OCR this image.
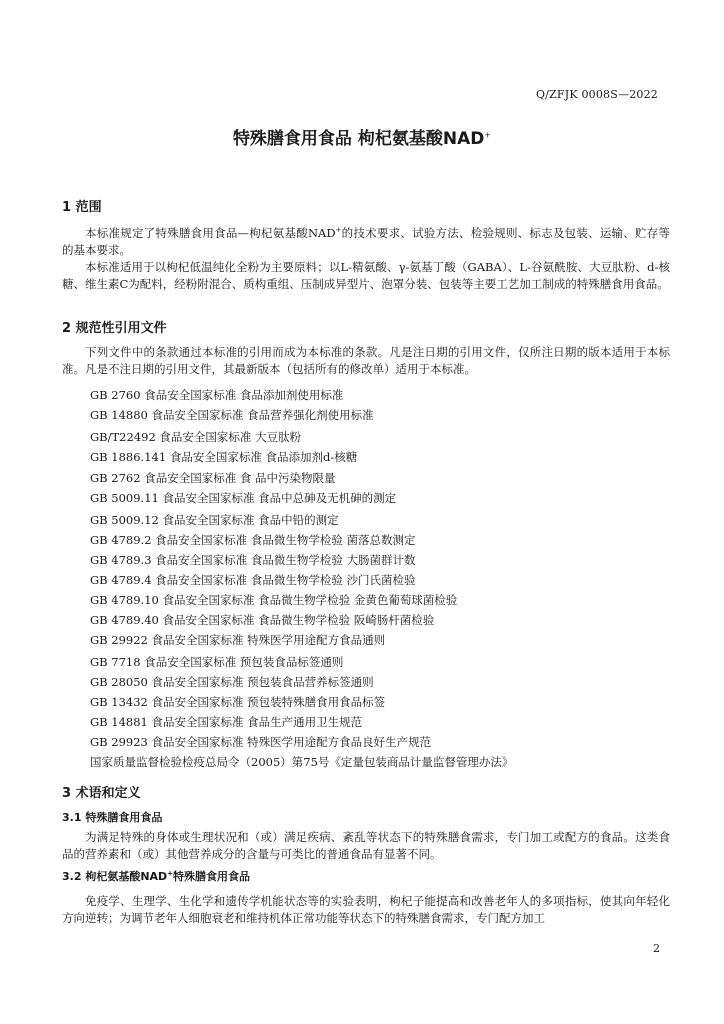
Q/ZFJK 0008S—2022
特殊膳食用食品 枸杞氨基酸NAD+
1 范围

本标准规定了特殊膳食用食品—枸杞氨基酸NAD+的技术要求、试验方法、检验规则、标志及包装、运输、贮存等的基本要求。

本标准适用于以枸杞低温纯化全粉为主要原料；以L-精氨酸、γ-氨基丁酸（GABA）、L-谷氨酰胺、大豆肽粉、d-核糖、维生素C为配料，经粉附混合、质构重组、压制成异型片、泡罩分装、包装等主要工艺加工制成的特殊膳食用食品。

2 规范性引用文件

下列文件中的条款通过本标准的引用而成为本标准的条款。凡是注日期的引用文件，仅所注日期的版本适用于本标准。凡是不注日期的引用文件，其最新版本（包括所有的修改单）适用于本标准。

GB 2760 食品安全国家标准 食品添加剂使用标准
GB 14880 食品安全国家标准 食品营养强化剂使用标准
GB/T22492 食品安全国家标准 大豆肽粉
GB 1886.141 食品安全国家标准 食品添加剂d-核糖
GB 2762 食品安全国家标准 食 品中污染物限量
GB 5009.11 食品安全国家标准 食品中总砷及无机砷的测定
GB 5009.12 食品安全国家标准 食品中铅的测定
GB 4789.2 食品安全国家标准 食品微生物学检验 菌落总数测定
GB 4789.3 食品安全国家标准 食品微生物学检验 大肠菌群计数
GB 4789.4 食品安全国家标准 食品微生物学检验 沙门氏菌检验
GB 4789.10 食品安全国家标准 食品微生物学检验 金黄色葡萄球菌检验
GB 4789.40 食品安全国家标准 食品微生物学检验 阪崎肠杆菌检验
GB 29922 食品安全国家标准 特殊医学用途配方食品通则
GB 7718 食品安全国家标准 预包装食品标签通则
GB 28050 食品安全国家标准 预包装食品营养标签通则
GB 13432 食品安全国家标准 预包装特殊膳食用食品标签
GB 14881 食品安全国家标准 食品生产通用卫生规范
GB 29923 食品安全国家标准 特殊医学用途配方食品良好生产规范
国家质量监督检验检疫总局令（2005）第75号《定量包装商品计量监督管理办法》
3 术语和定义
3.1 特殊膳食用食品

为满足特殊的身体或生理状况和（或）满足疾病、紊乱等状态下的特殊膳食需求，专门加工或配方的食品。这类食品的营养素和（或）其他营养成分的含量与可类比的普通食品有显著不同。

3.2 枸杞氨基酸NAD+特殊膳食用食品

免疫学、生理学、生化学和遗传学机能状态等的实验表明，枸杞子能提高和改善老年人的多项指标，使其向年轻化方向逆转；为调节老年人细胞衰老和维持机体正常功能等状态下的特殊膳食需求，专门配方加工

2
